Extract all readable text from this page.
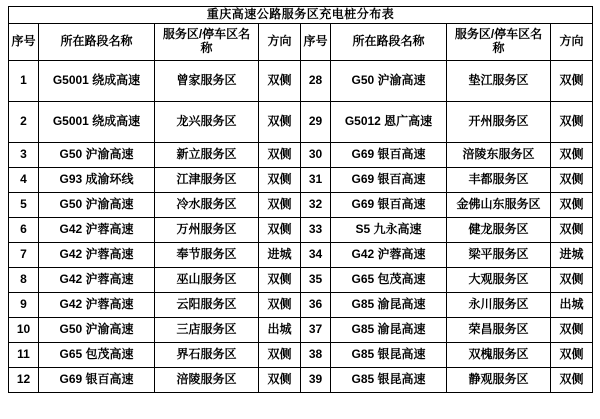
重庆高速公路服务区充电桩分布表							
序号	所在路段名称	服务区/停车区名称	方向	序号	所在路段名称	服务区/停车区名称	方向
1	G5001 绕成高速	曾家服务区	双侧	28	G50 沪渝高速	垫江服务区	双侧
2	G5001 绕成高速	龙兴服务区	双侧	29	G5012 恩广高速	开州服务区	双侧
3	G50 沪渝高速	新立服务区	双侧	30	G69 银百高速	涪陵东服务区	双侧
4	G93 成渝环线	江津服务区	双侧	31	G69 银百高速	丰都服务区	双侧
5	G50 沪渝高速	冷水服务区	双侧	32	G69 银百高速	金佛山东服务区	双侧
6	G42 沪蓉高速	万州服务区	双侧	33	S5 九永高速	健龙服务区	双侧
7	G42 沪蓉高速	奉节服务区	进城	34	G42 沪蓉高速	梁平服务区	进城
8	G42 沪蓉高速	巫山服务区	双侧	35	G65 包茂高速	大观服务区	双侧
9	G42 沪蓉高速	云阳服务区	双侧	36	G85 渝昆高速	永川服务区	出城
10	G50 沪渝高速	三店服务区	出城	37	G85 渝昆高速	荣昌服务区	双侧
11	G65 包茂高速	界石服务区	双侧	38	G85 银昆高速	双槐服务区	双侧
12	G69 银百高速	涪陵服务区	双侧	39	G85 银昆高速	静观服务区	双侧
